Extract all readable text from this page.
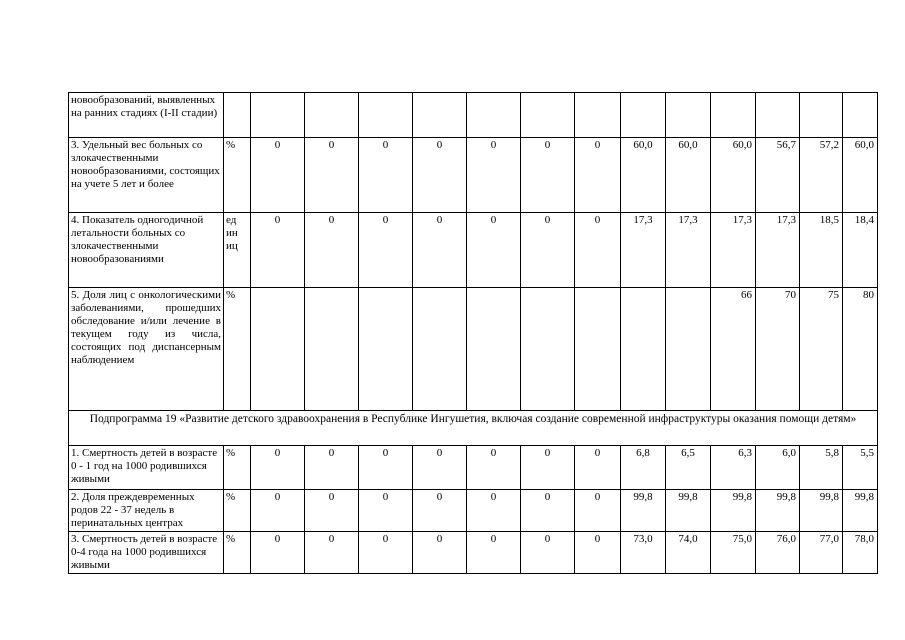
новообразований, выявленных на ранних стадиях (I-II стадии)														
3. Удельный вес больных со злокачественными новообразованиями, состоящих на учете 5 лет и более	%	0	0	0	0	0	0	0	60,0	60,0	60,0	56,7	57,2	60,0
4. Показатель одногодичной летальности больных со злокачественными новообразованиями	ед ин иц	0	0	0	0	0	0	0	17,3	17,3	17,3	17,3	18,5	18,4
5. Доля лиц с онкологическими заболеваниями, прошедших обследование и/или лечение в текущем году из числа, состоящих под диспансерным наблюдением	%										66	70	75	80
Подпрограмма 19 «Развитие детского здравоохранения в Республике Ингушетия, включая создание современной инфраструктуры оказания помощи детям»														
1. Смертность детей в возрасте 0 - 1 год на 1000 родившихся живыми	%	0	0	0	0	0	0	0	6,8	6,5	6,3	6,0	5,8	5,5
2. Доля преждевременных родов 22 - 37 недель в перинатальных центрах	%	0	0	0	0	0	0	0	99,8	99,8	99,8	99,8	99,8	99,8
3. Смертность детей в возрасте 0-4 года на 1000 родившихся живыми	%	0	0	0	0	0	0	0	73,0	74,0	75,0	76,0	77,0	78,0
